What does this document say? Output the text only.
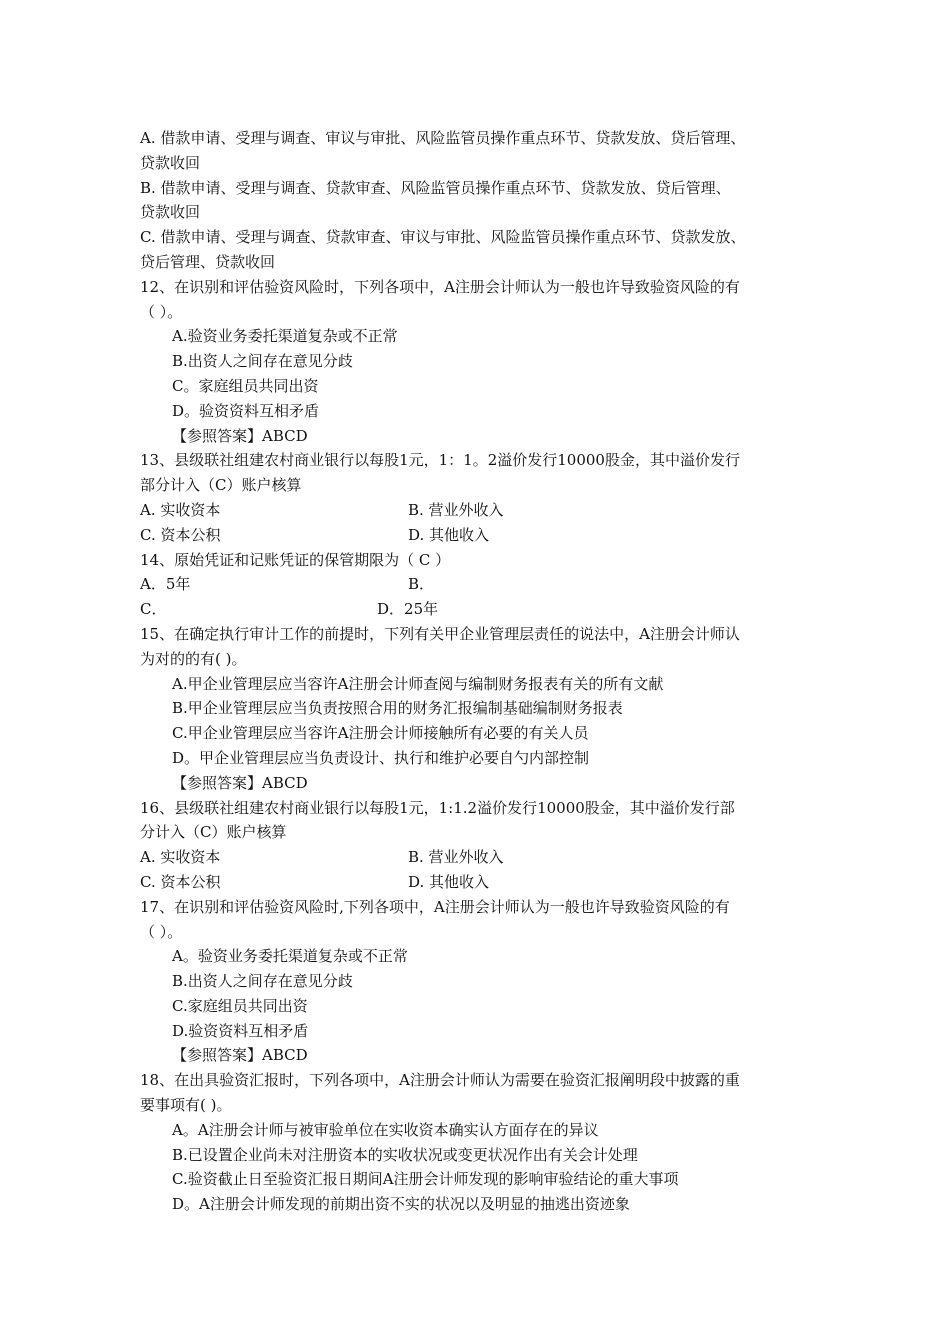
A. 借款申请、受理与调查、审议与审批、风险监管员操作重点环节、贷款发放、贷后管理、
贷款收回
B. 借款申请、受理与调查、贷款审查、风险监管员操作重点环节、贷款发放、贷后管理、
贷款收回
C. 借款申请、受理与调查、贷款审查、审议与审批、风险监管员操作重点环节、贷款发放、
贷后管理、贷款收回
12、在识别和评估验资风险时，下列各项中，A注册会计师认为一般也许导致验资风险的有
（ ）。
A.验资业务委托渠道复杂或不正常
B.出资人之间存在意见分歧
C。家庭组员共同出资
D。验资资料互相矛盾
【参照答案】ABCD
13、县级联社组建农村商业银行以每股1元，1：1。2溢价发行10000股金，其中溢价发行
部分计入（C）账户核算
A. 实收资本	B. 营业外收入
C. 资本公积	D. 其他收入
14、原始凭证和记账凭证的保管期限为（ C ）
A．5年	B．
C．	D．25年
15、在确定执行审计工作的前提时，下列有关甲企业管理层责任的说法中，A注册会计师认
为对的的有( )。
A.甲企业管理层应当容许A注册会计师查阅与编制财务报表有关的所有文献
B.甲企业管理层应当负责按照合用的财务汇报编制基础编制财务报表
C.甲企业管理层应当容许A注册会计师接触所有必要的有关人员
D。甲企业管理层应当负责设计、执行和维护必要自勺内部控制
【参照答案】ABCD
16、县级联社组建农村商业银行以每股1元，1:1.2溢价发行10000股金，其中溢价发行部
分计入（C）账户核算
A. 实收资本	B. 营业外收入
C. 资本公积	D. 其他收入
17、在识别和评估验资风险时,下列各项中，A注册会计师认为一般也许导致验资风险的有
（ ）。
A。验资业务委托渠道复杂或不正常
B.出资人之间存在意见分歧
C.家庭组员共同出资
D.验资资料互相矛盾
【参照答案】ABCD
18、在出具验资汇报时，下列各项中，A注册会计师认为需要在验资汇报阐明段中披露的重
要事项有( )。
A。A注册会计师与被审验单位在实收资本确实认方面存在的异议
B.已设置企业尚未对注册资本的实收状况或变更状况作出有关会计处理
C.验资截止日至验资汇报日期间A注册会计师发现的影响审验结论的重大事项
D。A注册会计师发现的前期出资不实的状况以及明显的抽逃出资迹象
